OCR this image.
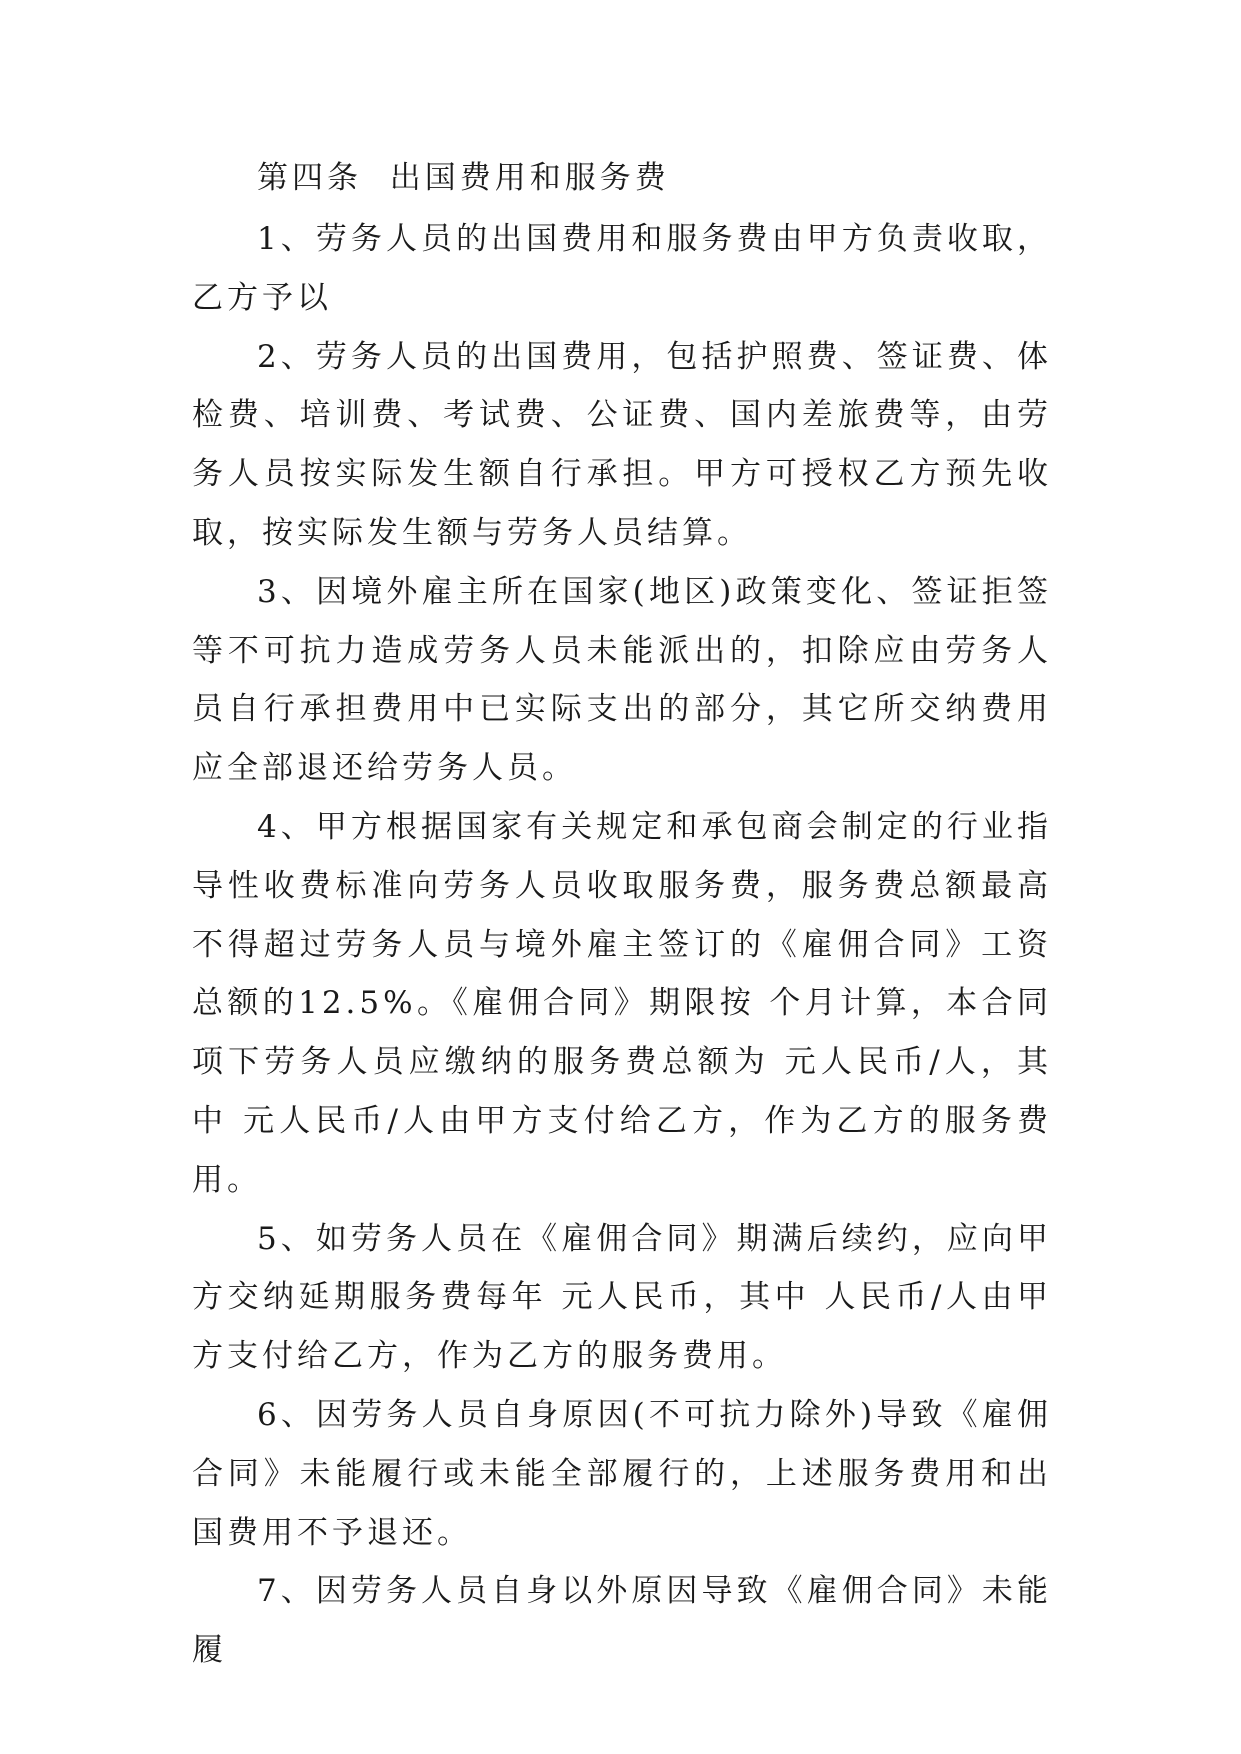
第四条  出国费用和服务费

1、劳务人员的出国费用和服务费由甲方负责收取，乙方予以

2、劳务人员的出国费用，包括护照费、签证费、体检费、培训费、考试费、公证费、国内差旅费等，由劳务人员按实际发生额自行承担。甲方可授权乙方预先收取，按实际发生额与劳务人员结算。

3、因境外雇主所在国家(地区)政策变化、签证拒签等不可抗力造成劳务人员未能派出的，扣除应由劳务人员自行承担费用中已实际支出的部分，其它所交纳费用应全部退还给劳务人员。

4、甲方根据国家有关规定和承包商会制定的行业指导性收费标准向劳务人员收取服务费，服务费总额最高不得超过劳务人员与境外雇主签订的《雇佣合同》工资总额的12.5%。《雇佣合同》期限按 个月计算，本合同项下劳务人员应缴纳的服务费总额为 元人民币/人，其中 元人民币/人由甲方支付给乙方，作为乙方的服务费用。

5、如劳务人员在《雇佣合同》期满后续约，应向甲方交纳延期服务费每年 元人民币，其中 人民币/人由甲方支付给乙方，作为乙方的服务费用。

6、因劳务人员自身原因(不可抗力除外)导致《雇佣合同》未能履行或未能全部履行的，上述服务费用和出国费用不予退还。

7、因劳务人员自身以外原因导致《雇佣合同》未能履
